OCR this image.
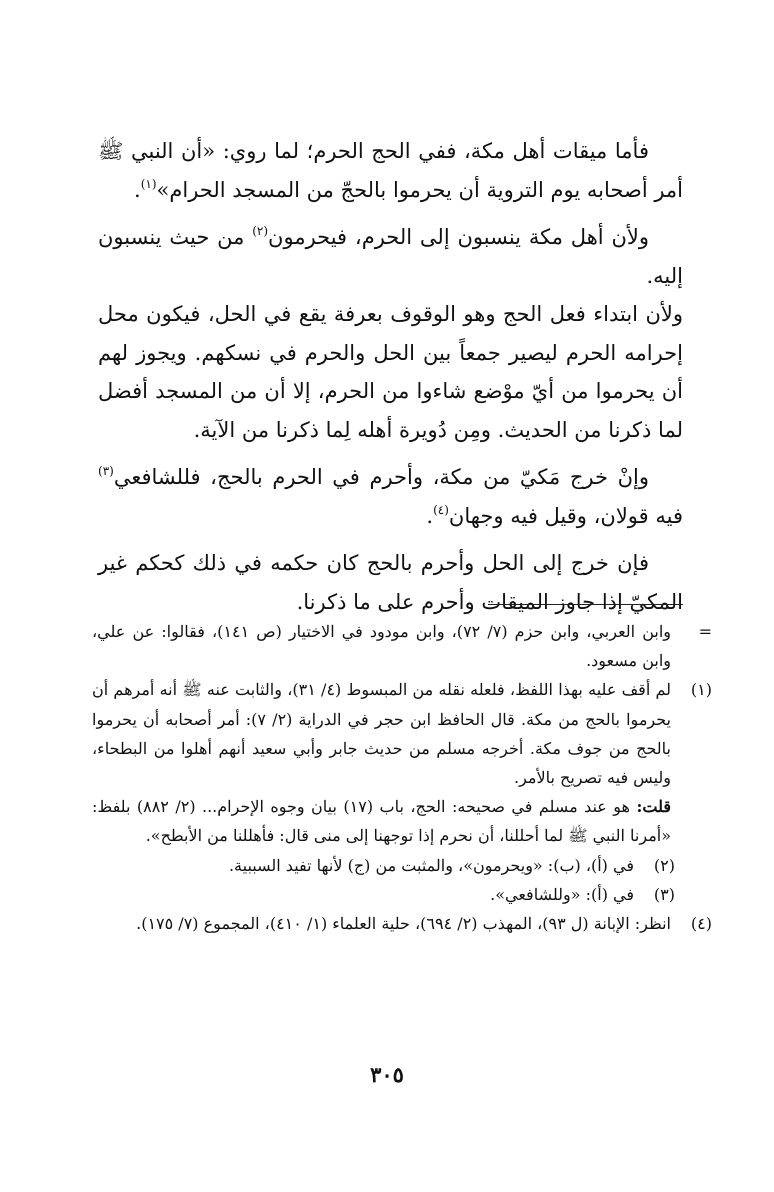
فأما ميقات أهل مكة، ففي الحج الحرم؛ لما روي: «أن النبي ﷺ أمر أصحابه يوم التروية أن يحرموا بالحجّ من المسجد الحرام»$^{(١)}$.

ولأن أهل مكة ينسبون إلى الحرم، فيحرمون$^{(٢)}$ من حيث ينسبون إليه.

ولأن ابتداء فعل الحج وهو الوقوف بعرفة يقع في الحل، فيكون محل إحرامه الحرم ليصير جمعاً بين الحل والحرم في نسكهم. ويجوز لهم أن يحرموا من أيّ موْضع شاءوا من الحرم، إلا أن من المسجد أفضل لما ذكرنا من الحديث. ومِن دُويرة أهله لِما ذكرنا من الآية.

وإنْ خرج مَكيّ من مكة، وأحرم في الحرم بالحج، فللشافعي$^{(٣)}$ فيه قولان، وقيل فيه وجهان$^{(٤)}$.

فإن خرج إلى الحل وأحرم بالحج كان حكمه في ذلك كحكم غير المكيّ إذا جاوز الميقات وأحرم على ما ذكرنا.

=
وابن العربي، وابن حزم (٧/ ٧٢)، وابن مودود في الاختيار (ص ١٤١)، فقالوا: عن علي، وابن مسعود.
(١)
لم أقف عليه بهذا اللفظ، فلعله نقله من المبسوط (٤/ ٣١)، والثابت عنه ﷺ أنه أمرهم أن يحرموا بالحج من مكة. قال الحافظ ابن حجر في الدراية (٢/ ٧): أمر أصحابه أن يحرموا بالحج من جوف مكة. أخرجه مسلم من حديث جابر وأبي سعيد أنهم أهلوا من البطحاء، وليس فيه تصريح بالأمر.
قلت: هو عند مسلم في صحيحه: الحج، باب (١٧) بيان وجوه الإحرام... (٢/ ٨٨٢) بلفظ: «أمرنا النبي ﷺ لما أحللنا، أن نحرم إذا توجهنا إلى منى قال: فأهللنا من الأبطح».
(٢)
في (أ)، (ب): «ويحرمون»، والمثبت من (ج) لأنها تفيد السببية.
(٣)
في (أ): «وللشافعي».
(٤)
انظر: الإبانة (ل ٩٣)، المهذب (٢/ ٦٩٤)، حلية العلماء (١/ ٤١٠)، المجموع (٧/ ١٧٥).
٣٠٥
